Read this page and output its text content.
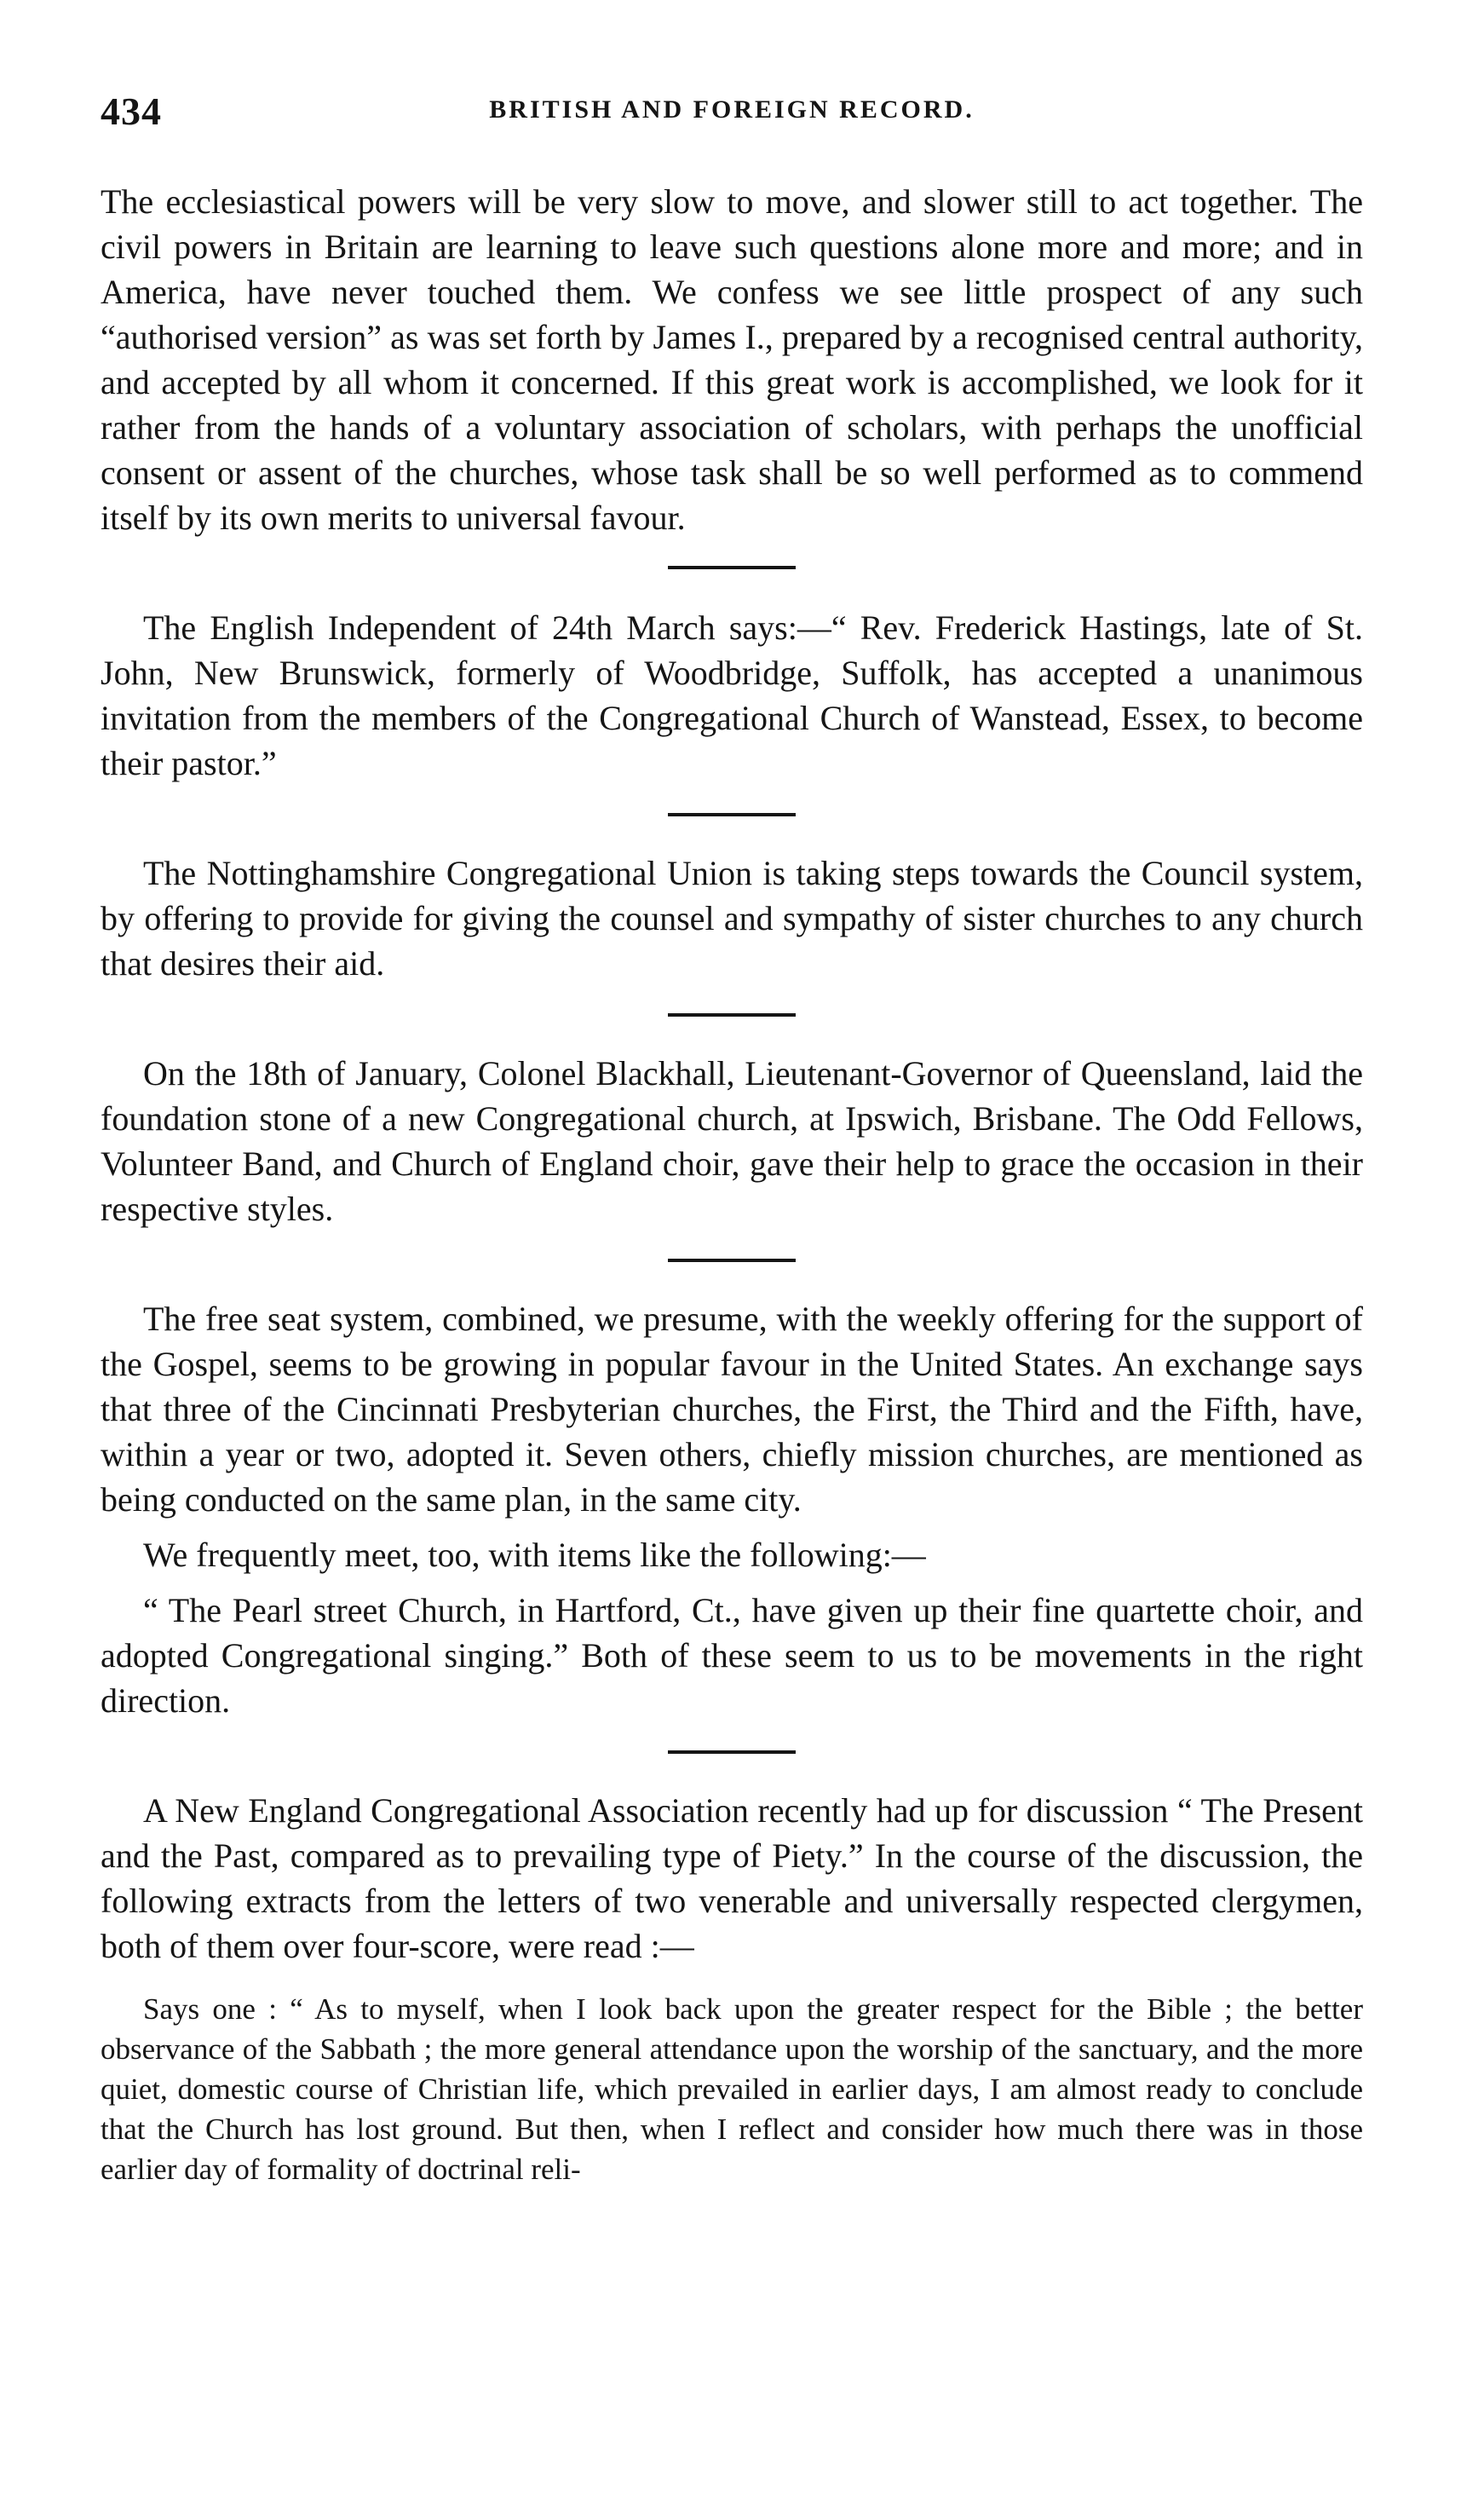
434	BRITISH AND FOREIGN RECORD.

The ecclesiastical powers will be very slow to move, and slower still to act together. The civil powers in Britain are learning to leave such questions alone more and more; and in America, have never touched them. We confess we see little prospect of any such “authorised version” as was set forth by James I., prepared by a recognised central authority, and accepted by all whom it concerned. If this great work is accomplished, we look for it rather from the hands of a voluntary association of scholars, with perhaps the unofficial consent or assent of the churches, whose task shall be so well performed as to commend itself by its own merits to universal favour.

The English Independent of 24th March says:—“ Rev. Frederick Hastings, late of St. John, New Brunswick, formerly of Woodbridge, Suffolk, has accepted a unanimous invitation from the members of the Congregational Church of Wanstead, Essex, to become their pastor.”

The Nottinghamshire Congregational Union is taking steps towards the Council system, by offering to provide for giving the counsel and sympathy of sister churches to any church that desires their aid.

On the 18th of January, Colonel Blackhall, Lieutenant-Governor of Queensland, laid the foundation stone of a new Congregational church, at Ipswich, Brisbane. The Odd Fellows, Volunteer Band, and Church of England choir, gave their help to grace the occasion in their respective styles.

The free seat system, combined, we presume, with the weekly offering for the support of the Gospel, seems to be growing in popular favour in the United States. An exchange says that three of the Cincinnati Presbyterian churches, the First, the Third and the Fifth, have, within a year or two, adopted it. Seven others, chiefly mission churches, are mentioned as being conducted on the same plan, in the same city.

We frequently meet, too, with items like the following:—

“ The Pearl street Church, in Hartford, Ct., have given up their fine quartette choir, and adopted Congregational singing.” Both of these seem to us to be movements in the right direction.

A New England Congregational Association recently had up for discussion “ The Present and the Past, compared as to prevailing type of Piety.” In the course of the discussion, the following extracts from the letters of two venerable and universally respected clergymen, both of them over four-score, were read :—

Says one : “ As to myself, when I look back upon the greater respect for the Bible ; the better observance of the Sabbath ; the more general attendance upon the worship of the sanctuary, and the more quiet, domestic course of Christian life, which prevailed in earlier days, I am almost ready to conclude that the Church has lost ground. But then, when I reflect and consider how much there was in those earlier day of formality of doctrinal reli-
